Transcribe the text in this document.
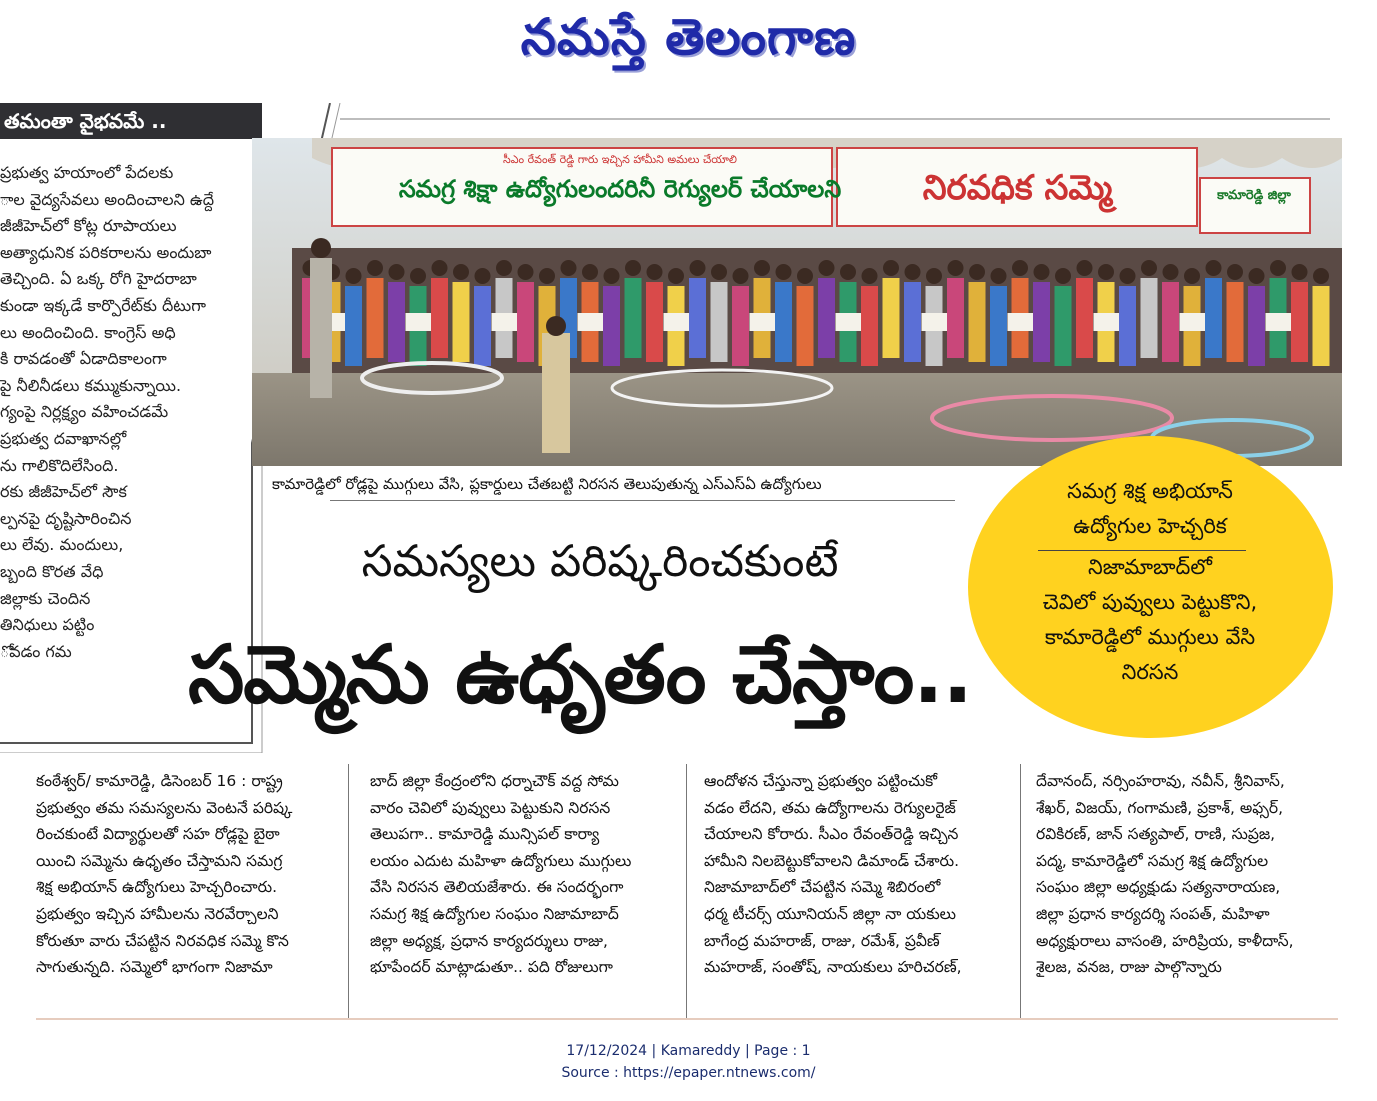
నమస్తే తెలంగాణ
తమంతా వైభవమే ..
ప్రభుత్వ హయాంలో పేదలకు
ాల వైద్యసేవలు అందించాలని ఉద్దే
జీజీహెచ్‌లో కోట్ల రూపాయలు
అత్యాధునిక పరికరాలను అందుబా
తెచ్చింది. ఏ ఒక్క రోగి హైదరాబా
కుండా ఇక్కడే కార్పొరేట్‌కు దీటుగా
లు అందించింది. కాంగ్రెస్ అధి
కి రావడంతో ఏడాదికాలంగా
పై నీలినీడలు కమ్ముకున్నాయి.
గ్యంపై నిర్లక్ష్యం వహించడమే
ప్రభుత్వ దవాఖానల్లో
ను గాలికొదిలేసింది.
రకు జీజీహెచ్‌లో సౌక
ల్పనపై దృష్టిసారించిన
లు లేవు. మందులు,
బ్బంది కొరత వేధి
జిల్లాకు చెందిన
తినిధులు పట్టిం
ోవడం గమ
సీఎం రేవంత్ రెడ్డి గారు ఇచ్చిన హామీని అమలు చేయాలి
సమగ్ర శిక్షా ఉద్యోగులందరినీ రెగ్యులర్ చేయాలని	నిరవధిక సమ్మె	కామారెడ్డి జిల్లా
కామారెడ్డిలో రోడ్లపై ముగ్గులు వేసి, ప్లకార్డులు చేతబట్టి నిరసన తెలుపుతున్న ఎస్ఎస్ఏ ఉద్యోగులు
సమస్యలు పరిష్కరించకుంటే
సమ్మెను ఉధృతం చేస్తాం..
సమగ్ర శిక్ష అభియాన్
ఉద్యోగుల హెచ్చరిక
నిజామాబాద్‌లో
చెవిలో పువ్వులు పెట్టుకొని,
కామారెడ్డిలో ముగ్గులు వేసి
నిరసన
కంఠేశ్వర్/ కామారెడ్డి, డిసెంబర్ 16 : రాష్ట్ర
ప్రభుత్వం తమ సమస్యలను వెంటనే పరిష్క
రించకుంటే విద్యార్థులతో సహ రోడ్లపై బైఠా
యించి సమ్మెను ఉధృతం చేస్తామని సమగ్ర
శిక్ష అభియాన్ ఉద్యోగులు హెచ్చరించారు.
ప్రభుత్వం ఇచ్చిన హామీలను నెరవేర్చాలని
కోరుతూ వారు చేపట్టిన నిరవధిక సమ్మె కొన
సాగుతున్నది. సమ్మెలో భాగంగా నిజామా
బాద్ జిల్లా కేంద్రంలోని ధర్నాచౌక్ వద్ద సోమ
వారం చెవిలో పువ్వులు పెట్టుకుని నిరసన
తెలుపగా.. కామారెడ్డి మున్సిపల్ కార్యా
లయం ఎదుట మహిళా ఉద్యోగులు ముగ్గులు
వేసి నిరసన తెలియజేశారు. ఈ సందర్భంగా
సమగ్ర శిక్ష ఉద్యోగుల సంఘం నిజామాబాద్
జిల్లా అధ్యక్ష, ప్రధాన కార్యదర్శులు రాజు,
భూపేందర్ మాట్లాడుతూ.. పది రోజులుగా
ఆందోళన చేస్తున్నా ప్రభుత్వం పట్టించుకో
వడం లేదని, తమ ఉద్యోగాలను రెగ్యులరైజ్
చేయాలని కోరారు. సీఎం రేవంత్‌రెడ్డి ఇచ్చిన
హామీని నిలబెట్టుకోవాలని డిమాండ్ చేశారు.
నిజామాబాద్‌లో చేపట్టిన సమ్మె శిబిరంలో
ధర్మ టీచర్స్ యూనియన్ జిల్లా నా యకులు
బాగేంద్ర మహరాజ్, రాజు, రమేశ్, ప్రవీణ్
మహరాజ్, సంతోష్, నాయకులు హరిచరణ్,
దేవానంద్, నర్సింహరావు, నవీన్, శ్రీనివాస్,
శేఖర్, విజయ్, గంగామణి, ప్రకాశ్, అఫ్సర్,
రవికిరణ్, జాన్ సత్యపాల్, రాణి, సుప్రజ,
పద్మ, కామారెడ్డిలో సమగ్ర శిక్ష ఉద్యోగుల
సంఘం జిల్లా అధ్యక్షుడు సత్యనారాయణ,
జిల్లా ప్రధాన కార్యదర్శి సంపత్, మహిళా
అధ్యక్షురాలు వాసంతి, హరిప్రియ, కాళీదాస్,
శైలజ, వనజ, రాజు పాల్గొన్నారు
17/12/2024 | Kamareddy | Page : 1
Source : https://epaper.ntnews.com/
